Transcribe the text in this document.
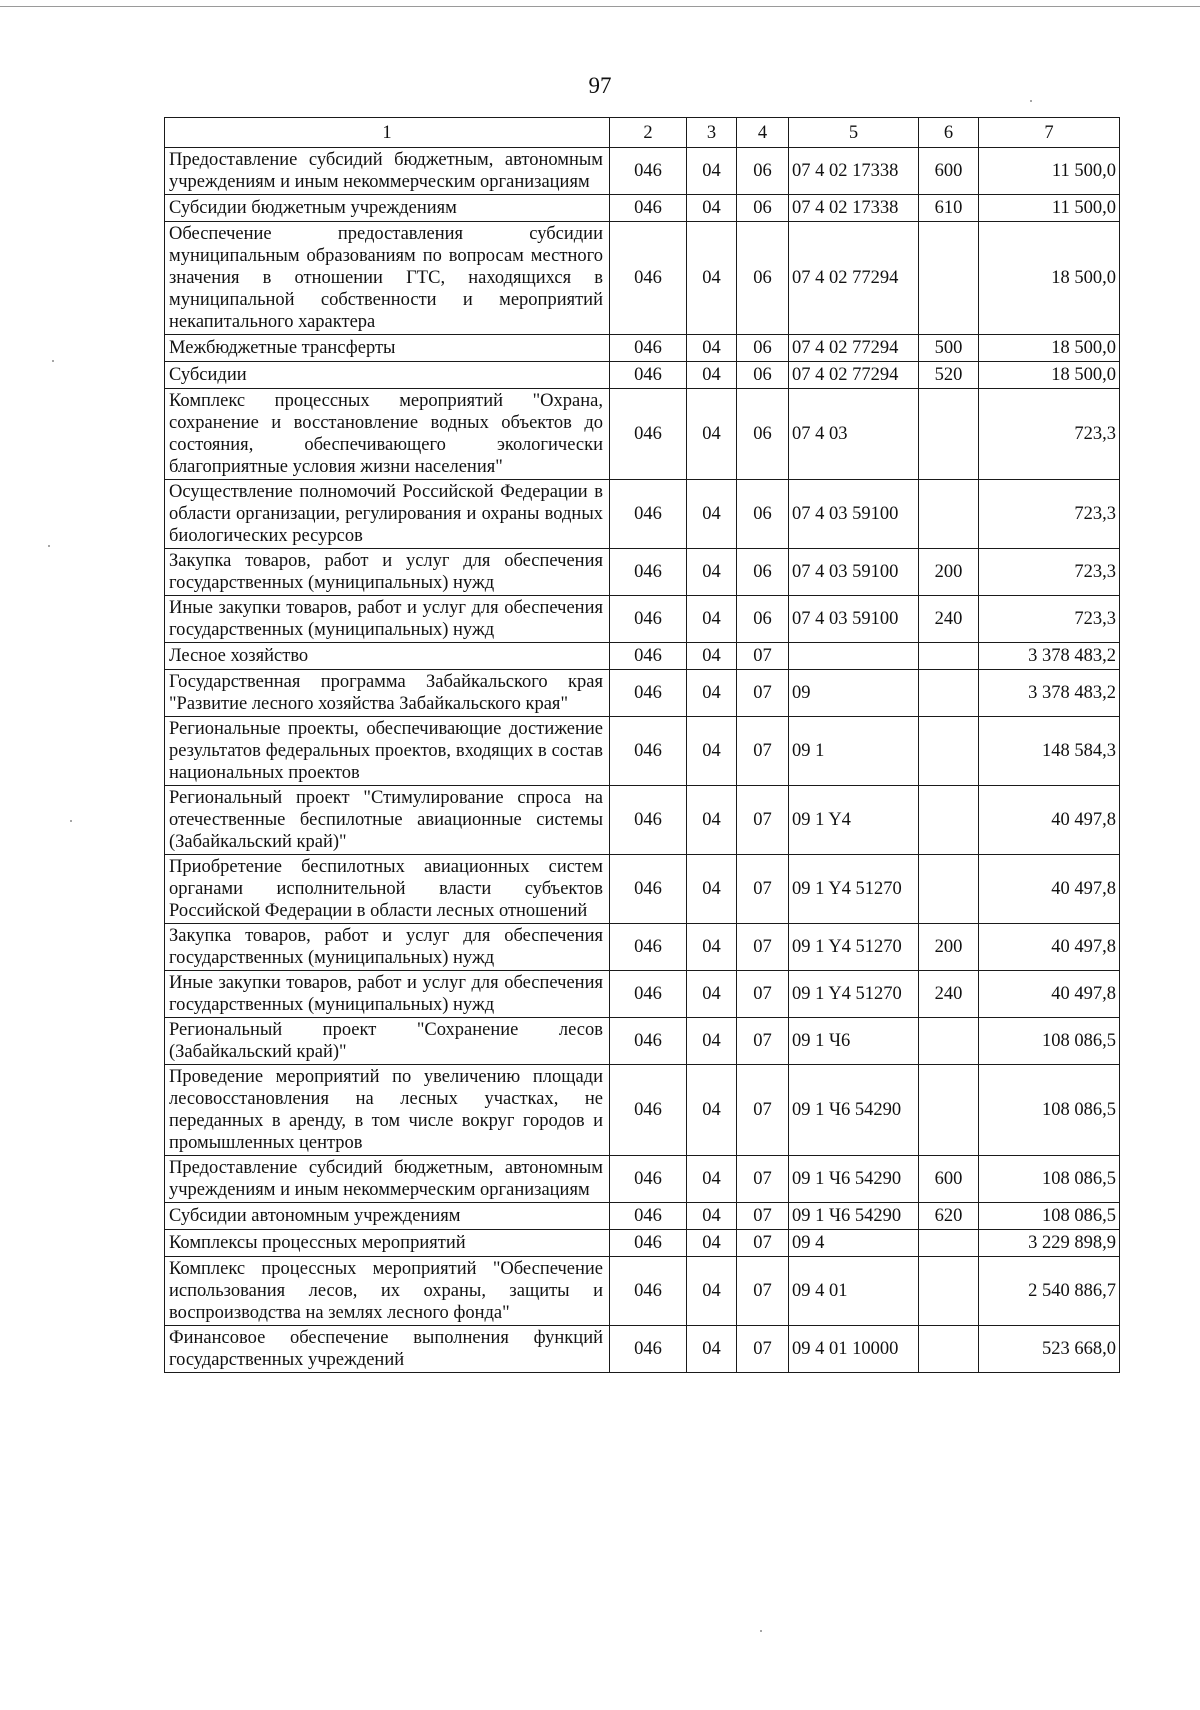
97
1	2	3	4	5	6	7
Предоставление субсидий бюджетным, автономным учреждениям и иным некоммерческим организациям	046	04	06	07 4 02 17338	600	11 500,0
Субсидии бюджетным учреждениям	046	04	06	07 4 02 17338	610	11 500,0
Обеспечение предоставления субсидии муниципальным образованиям по вопросам местного значения в отношении ГТС, находящихся в муниципальной собственности и мероприятий некапитального характера	046	04	06	07 4 02 77294		18 500,0
Межбюджетные трансферты	046	04	06	07 4 02 77294	500	18 500,0
Субсидии	046	04	06	07 4 02 77294	520	18 500,0
Комплекс процессных мероприятий "Охрана, сохранение и восстановление водных объектов до состояния, обеспечивающего экологически благоприятные условия жизни населения"	046	04	06	07 4 03		723,3
Осуществление полномочий Российской Федерации в области организации, регулирования и охраны водных биологических ресурсов	046	04	06	07 4 03 59100		723,3
Закупка товаров, работ и услуг для обеспечения государственных (муниципальных) нужд	046	04	06	07 4 03 59100	200	723,3
Иные закупки товаров, работ и услуг для обеспечения государственных (муниципальных) нужд	046	04	06	07 4 03 59100	240	723,3
Лесное хозяйство	046	04	07			3 378 483,2
Государственная программа Забайкальского края "Развитие лесного хозяйства Забайкальского края"	046	04	07	09		3 378 483,2
Региональные проекты, обеспечивающие достижение результатов федеральных проектов, входящих в состав национальных проектов	046	04	07	09 1		148 584,3
Региональный проект "Стимулирование спроса на отечественные беспилотные авиационные системы (Забайкальский край)"	046	04	07	09 1 Y4		40 497,8
Приобретение беспилотных авиационных систем органами исполнительной власти субъектов Российской Федерации в области лесных отношений	046	04	07	09 1 Y4 51270		40 497,8
Закупка товаров, работ и услуг для обеспечения государственных (муниципальных) нужд	046	04	07	09 1 Y4 51270	200	40 497,8
Иные закупки товаров, работ и услуг для обеспечения государственных (муниципальных) нужд	046	04	07	09 1 Y4 51270	240	40 497,8
Региональный проект "Сохранение лесов (Забайкальский край)"	046	04	07	09 1 Ч6		108 086,5
Проведение мероприятий по увеличению площади лесовосстановления на лесных участках, не переданных в аренду, в том числе вокруг городов и промышленных центров	046	04	07	09 1 Ч6 54290		108 086,5
Предоставление субсидий бюджетным, автономным учреждениям и иным некоммерческим организациям	046	04	07	09 1 Ч6 54290	600	108 086,5
Субсидии автономным учреждениям	046	04	07	09 1 Ч6 54290	620	108 086,5
Комплексы процессных мероприятий	046	04	07	09 4		3 229 898,9
Комплекс процессных мероприятий "Обеспечение использования лесов, их охраны, защиты и воспроизводства на землях лесного фонда"	046	04	07	09 4 01		2 540 886,7
Финансовое обеспечение выполнения функций государственных учреждений	046	04	07	09 4 01 10000		523 668,0
